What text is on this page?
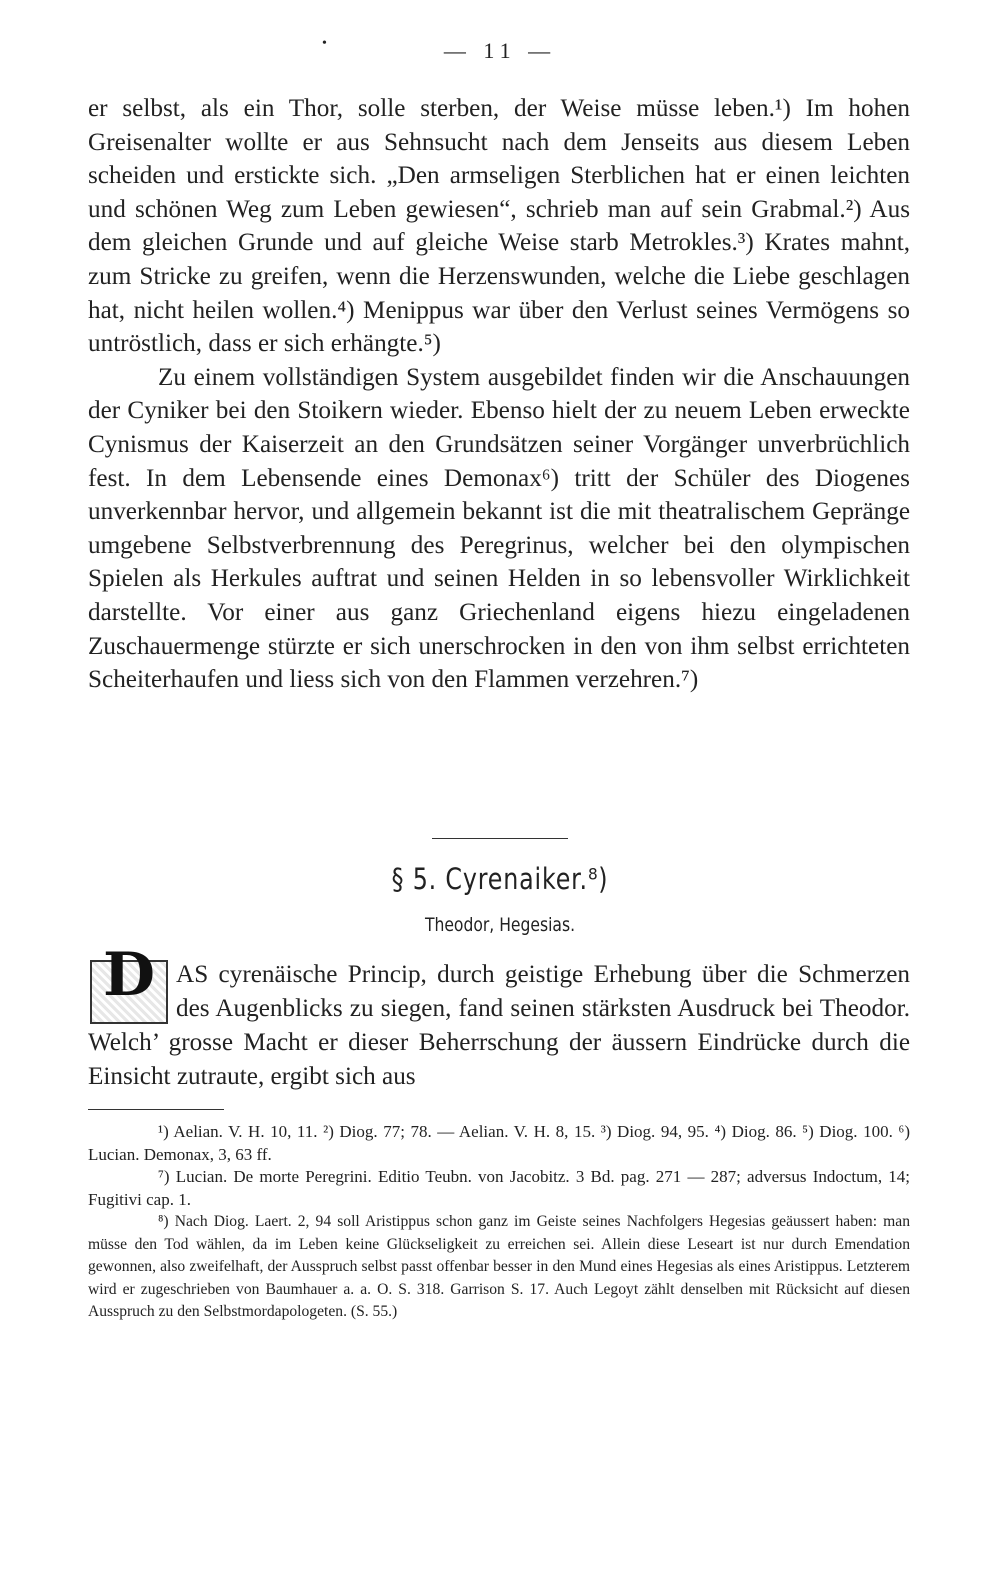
•	— 11 —

er selbst, als ein Thor, solle sterben, der Weise müsse leben.¹) Im hohen Greisenalter wollte er aus Sehnsucht nach dem Jenseits aus diesem Leben scheiden und erstickte sich. „Den armseligen Sterblichen hat er einen leichten und schönen Weg zum Leben gewiesen“, schrieb man auf sein Grabmal.²) Aus dem gleichen Grunde und auf gleiche Weise starb Metrokles.³) Krates mahnt, zum Stricke zu greifen, wenn die Herzenswunden, welche die Liebe geschlagen hat, nicht heilen wollen.⁴) Menippus war über den Verlust seines Vermögens so untröstlich, dass er sich erhängte.⁵)

Zu einem vollständigen System ausgebildet finden wir die Anschauungen der Cyniker bei den Stoikern wieder. Ebenso hielt der zu neuem Leben erweckte Cynismus der Kaiserzeit an den Grundsätzen seiner Vorgänger unverbrüchlich fest. In dem Lebensende eines Demonax⁶) tritt der Schüler des Diogenes unverkennbar hervor, und allgemein bekannt ist die mit theatralischem Gepränge umgebene Selbstverbrennung des Peregrinus, welcher bei den olympischen Spielen als Herkules auftrat und seinen Helden in so lebensvoller Wirklichkeit darstellte. Vor einer aus ganz Griechenland eigens hiezu eingeladenen Zuschauermenge stürzte er sich unerschrocken in den von ihm selbst errichteten Scheiterhaufen und liess sich von den Flammen verzehren.⁷)

§ 5. Cyrenaiker.⁸)
Theodor, Hegesias.
D AS cyrenäische Princip, durch geistige Erhebung über die Schmerzen des Augenblicks zu siegen, fand seinen stärksten Ausdruck bei Theodor. Welch’ grosse Macht er dieser Beherrschung der äussern Eindrücke durch die Einsicht zutraute, ergibt sich aus

¹) Aelian. V. H. 10, 11. ²) Diog. 77; 78. — Aelian. V. H. 8, 15. ³) Diog. 94, 95. ⁴) Diog. 86. ⁵) Diog. 100. ⁶) Lucian. Demonax, 3, 63 ff.

⁷) Lucian. De morte Peregrini. Editio Teubn. von Jacobitz. 3 Bd. pag. 271 — 287; adversus Indoctum, 14; Fugitivi cap. 1.

⁸) Nach Diog. Laert. 2, 94 soll Aristippus schon ganz im Geiste seines Nachfolgers Hegesias geäussert haben: man müsse den Tod wählen, da im Leben keine Glückseligkeit zu erreichen sei. Allein diese Leseart ist nur durch Emendation gewonnen, also zweifelhaft, der Ausspruch selbst passt offenbar besser in den Mund eines Hegesias als eines Aristippus. Letzterem wird er zugeschrieben von Baumhauer a. a. O. S. 318. Garrison S. 17. Auch Legoyt zählt denselben mit Rücksicht auf diesen Ausspruch zu den Selbstmordapologeten. (S. 55.)
